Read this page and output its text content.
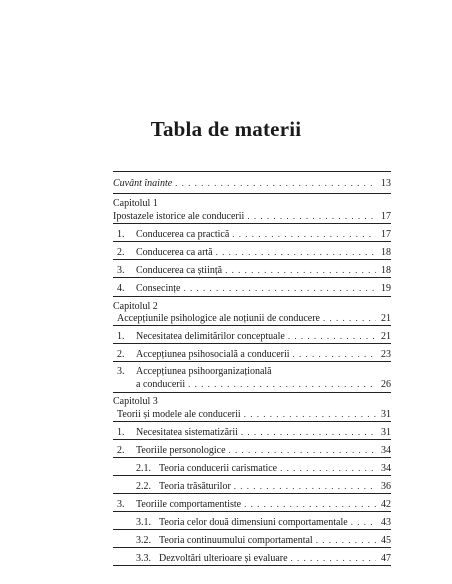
Tabla de materii
Cuvânt înainte . . .	13
Capitolul 1
Ipostazele istorice ale conducerii . . .	17
1.	Conducerea ca practică . . .	17
2.	Conducerea ca artă . . .	18
3.	Conducerea ca știință . . .	18
4.	Consecințe . . .	19
Capitolul 2
Accepțiunile psihologice ale noțiunii de conducere . . .	21
1.	Necesitatea delimitărilor conceptuale . . .	21
2.	Accepțiunea psihosocială a conducerii . . .	23
3. Accepțiunea psihoorganizațională
a conducerii . . .	26
Capitolul 3
Teorii și modele ale conducerii . . .	31
1.	Necesitatea sistematizării . . .	31
2.	Teoriile personologice . . .	34
2.1. Teoria conducerii carismatice . . .	34
2.2. Teoria trăsăturilor . . .	36
3.	Teoriile comportamentiste . . .	42
3.1. Teoria celor două dimensiuni comportamentale . . .	43
3.2. Teoria continuumului comportamental . . .	45
3.3. Dezvoltări ulterioare și evaluare . . .	47
